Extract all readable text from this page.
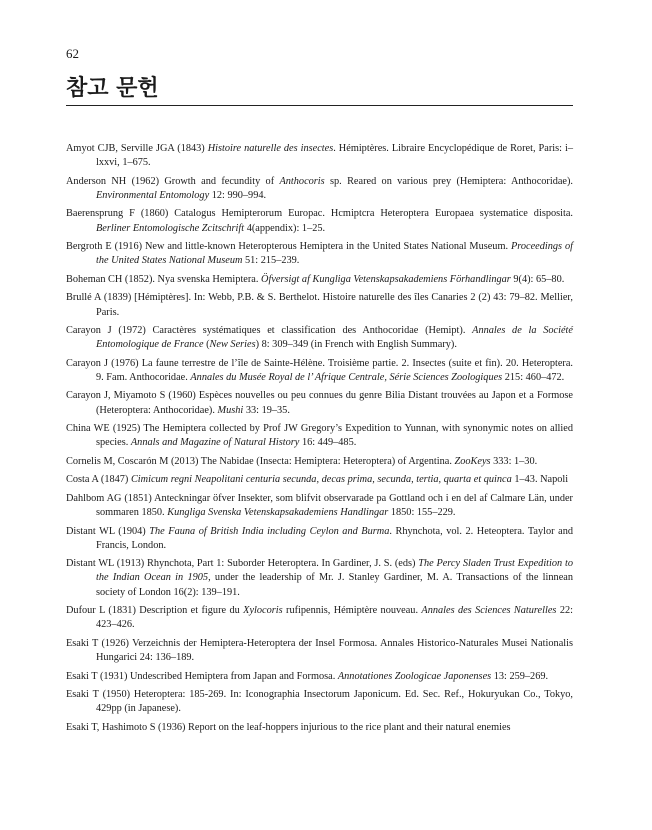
62
참고 문헌
Amyot CJB, Serville JGA (1843) Histoire naturelle des insectes. Hémiptères. Libraire Encyclopédique de Roret, Paris: i–lxxvi, 1–675.
Anderson NH (1962) Growth and fecundity of Anthocoris sp. Reared on various prey (Hemiptera: Anthocoridae). Environmental Entomology 12: 990–994.
Baerensprung F (1860) Catalogus Hemipterorum Europac. Hcmiptcra Heteroptera Europaea systematice disposita. Berliner Entomologische Zcitschrift 4(appendix): 1–25.
Bergroth E (1916) New and little-known Heteropterous Hemiptera in the United States National Museum. Proceedings of the United States National Museum 51: 215–239.
Boheman CH (1852). Nya svenska Hemiptera. Öfversigt af Kungliga Vetenskapsakademiens Förhandlingar 9(4): 65–80.
Brullé A (1839) [Hémiptères]. In: Webb, P.B. & S. Berthelot. Histoire naturelle des îles Canaries 2 (2) 43: 79–82. Mellier, Paris.
Carayon J (1972) Caractères systématiques et classification des Anthocoridae (Hemipt). Annales de la Société Entomologique de France (New Series) 8: 309–349 (in French with English Summary).
Carayon J (1976) La faune terrestre de l’île de Sainte-Hélène. Troisième partie. 2. Insectes (suite et fin). 20. Heteroptera. 9. Fam. Anthocoridae. Annales du Musée Royal de l’ Afrique Centrale, Série Sciences Zoologiques 215: 460–472.
Carayon J, Miyamoto S (1960) Espèces nouvelles ou peu connues du genre Bilia Distant trouvées au Japon et a Formose (Heteroptera: Anthocoridae). Mushi 33: 19–35.
China WE (1925) The Hemiptera collected by Prof JW Gregory’s Expedition to Yunnan, with synonymic notes on allied species. Annals and Magazine of Natural History 16: 449–485.
Cornelis M, Coscarón M (2013) The Nabidae (Insecta: Hemiptera: Heteroptera) of Argentina. ZooKeys 333: 1–30.
Costa A (1847) Cimicum regni Neapolitani centuria secunda, decas prima, secunda, tertia, quarta et quinca 1–43. Napoli
Dahlbom AG (1851) Anteckningar öfver Insekter, som blifvit observarade pa Gottland och i en del af Calmare Län, under sommaren 1850. Kungliga Svenska Vetenskapsakademiens Handlingar 1850: 155–229.
Distant WL (1904) The Fauna of British India including Ceylon and Burma. Rhynchota, vol. 2. Heteoptera. Taylor and Francis, London.
Distant WL (1913) Rhynchota, Part 1: Suborder Heteroptera. In Gardiner, J. S. (eds) The Percy Sladen Trust Expedition to the Indian Ocean in 1905, under the leadership of Mr. J. Stanley Gardiner, M. A. Transactions of the linnean society of London 16(2): 139–191.
Dufour L (1831) Description et figure du Xylocoris rufipennis, Hémiptère nouveau. Annales des Sciences Naturelles 22: 423–426.
Esaki T (1926) Verzeichnis der Hemiptera-Heteroptera der Insel Formosa. Annales Historico-Naturales Musei Nationalis Hungarici 24: 136–189.
Esaki T (1931) Undescribed Hemiptera from Japan and Formosa. Annotationes Zoologicae Japonenses 13: 259–269.
Esaki T (1950) Heteroptera: 185-269. In: Iconographia Insectorum Japonicum. Ed. Sec. Ref., Hokuryukan Co., Tokyo, 429pp (in Japanese).
Esaki T, Hashimoto S (1936) Report on the leaf-hoppers injurious to the rice plant and their natural enemies
